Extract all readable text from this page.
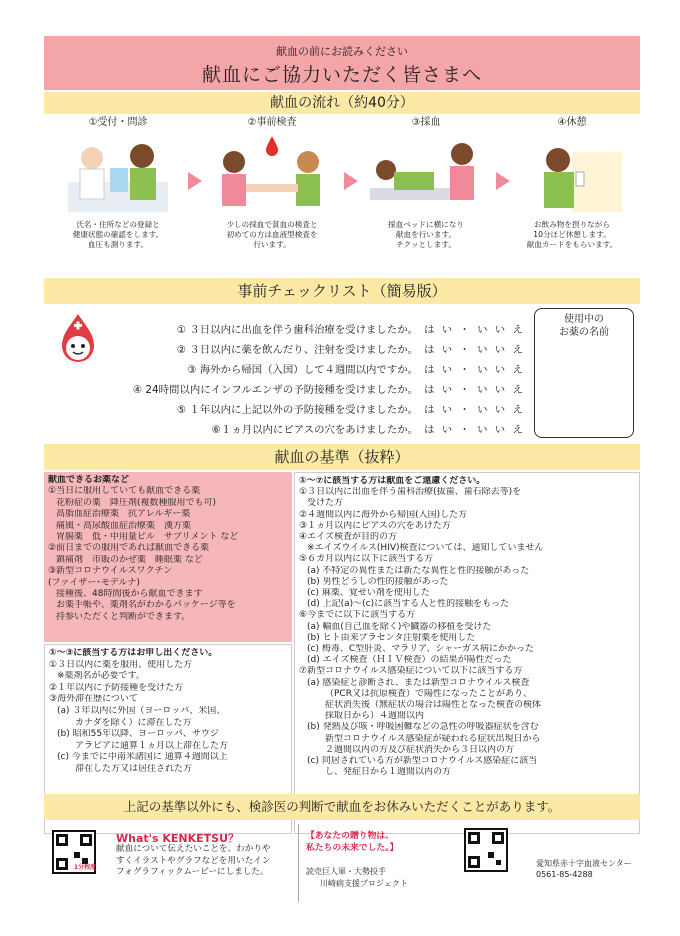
献血の前にお読みください
献血にご協力いただく皆さまへ
献血の流れ（約40分）
①受付・問診
氏名・住所などの登録と
健康状態の確認をします。
血圧も測ります。
②事前検査
少しの採血で貧血の検査と
初めての方は血液型検査を
行います。
③採血
採血ベッドに横になり
献血を行います。
チクッとします。
④休憩
お飲み物を摂りながら
10分ほど休憩します。
献血カードをもらいます。
事前チェックリスト（簡易版）
① ３日以内に出血を伴う歯科治療を受けましたか。 は い ・ い い え
② ３日以内に薬を飲んだり、注射を受けましたか。 は い ・ い い え
③ 海外から帰国（入国）して４週間以内ですか。 は い ・ い い え
④ 24時間以内にインフルエンザの予防接種を受けましたか。 は い ・ い い え
⑤ １年以内に上記以外の予防接種を受けましたか。 は い ・ い い え
⑥１ヵ月以内にピアスの穴をあけましたか。 は い ・ い い え
使用中の
お薬の名前
献血の基準（抜粋）
献血できるお薬など
①当日に服用していても献血できる薬
花粉症の薬　降圧剤(複数種服用でも可)
高脂血症治療薬　抗アレルギー薬
痛風・高尿酸血症治療薬　漢方薬
胃腸薬　低・中用量ピル　サプリメント など
②前日までの服用であれば献血できる薬
鎮痛剤　市販のかぜ薬　睡眠薬 など
③新型コロナウイルスワクチン
(ファイザー･モデルナ)
接種後、48時間後から献血できます
お薬手帳や、薬剤名がわかるパッケージ等を
持参いただくと判断ができます。
①〜③に該当する方はお申し出ください。
①３日以内に薬を服用、使用した方
※薬剤名が必要です。
②１年以内に予防接種を受けた方
③海外滞在歴について
(a) ３年以内に外国（ヨーロッパ、米国、
カナダを除く）に滞在した方
(b) 昭和55年以降、ヨーロッパ、サウジ
アラビアに通算１ヵ月以上滞在した方
(c) 今までに中南米諸国に 通算４週間以上
滞在した方又は居住された方
①〜⑦に該当する方は献血をご遠慮ください。
①３日以内に出血を伴う歯科治療(抜歯、歯石除去等)を
受けた方
②４週間以内に海外から帰国(入国)した方
③１ヵ月以内にピアスの穴をあけた方
④エイズ検査が目的の方
※エイズウイルス(HIV)検査については、通知していません
⑤６カ月以内に以下に該当する方
(a) 不特定の異性または新たな異性と性的接触があった
(b) 男性どうしの性的接触があった
(c) 麻薬、覚せい剤を使用した
(d) 上記(a)〜(c)に該当する人と性的接触をもった
⑥今までに以下に該当する方
(a) 輸血(自己血を除く)や臓器の移植を受けた
(b) ヒト由来プラセンタ注射薬を使用した
(c) 梅毒、C型肝炎、マラリア、シャーガス病にかかった
(d) エイズ検査（ＨＩＶ検査）の結果が陽性だった
⑦新型コロナウイルス感染症について以下に該当する方
(a) 感染症と診断され、または新型コロナウイルス検査
（PCR又は抗原検査）で陽性になったことがあり、
症状消失後（無症状の場合は陽性となった検査の検体
採取日から）４週間以内
(b) 発熱及び咳・呼吸困難などの急性の呼吸器症状を含む
新型コロナウイルス感染症が疑われる症状出現日から
２週間以内の方及び症状消失から３日以内の方
(c) 同居されている方が新型コロナウイルス感染症に該当
し、発症日から１週間以内の方
上記の基準以外にも、検診医の判断で献血をお休みいただくことがあります。
1分程度
What's KENKETSU？
献血について伝えたいことを、わかりや
すくイラストやグラフなどを用いたイン
フォグラフィックムービーにしました。
【あなたの贈り物は、
私たちの未来でした。】
読売巨人軍・大勢投手
川崎病支援プロジェクト
愛知県赤十字血液センター
0561-85-4288
